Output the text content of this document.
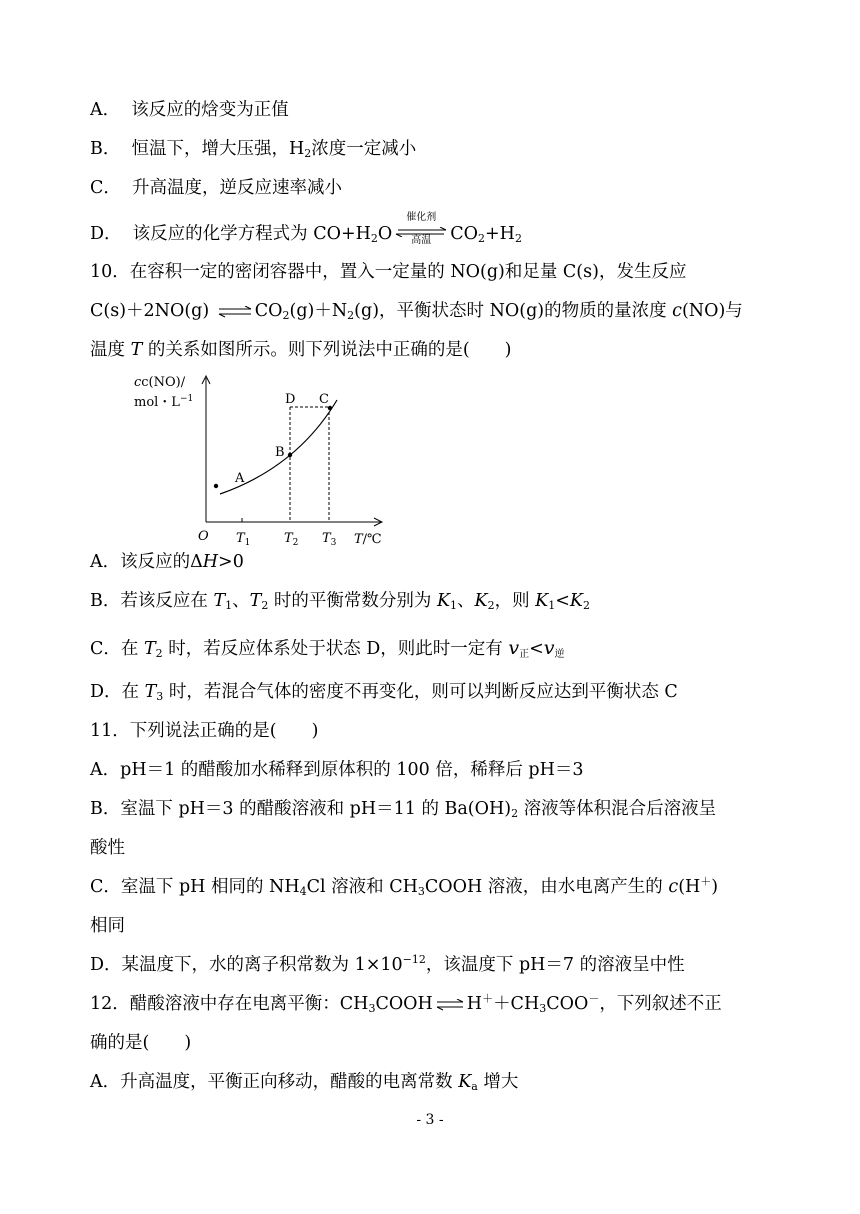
A． 该反应的焓变为正值
B． 恒温下，增大压强，$H_2$浓度一定减小
C． 升高温度，逆反应速率减小
D． 该反应的化学方程式为 $CO+H_2O$
催化剂
高温	$CO_2+H_2$
10．在容积一定的密闭容器中，置入一定量的 NO(g)和足量 C(s)，发生反应
C(s)＋2NO(g) ⇌ $CO_2(g)+N_2(g)$，平衡状态时 NO(g)的物质的量浓度 c(NO)与
温度 T 的关系如图所示。则下列说法中正确的是(　　)
cc(NO)/
mol・$L^{-1}$
O	T/℃
$T_1$	$T_2$ $T_3$
A
B
C
D
A．该反应的ΔH>0
B．若该反应在 $T_1$、$T_2$ 时的平衡常数分别为 $K_1$、$K_2$，则 $K_1<K_2$
C．在 $T_2$ 时，若反应体系处于状态 D，则此时一定有 v正<v逆
D．在 $T_3$ 时，若混合气体的密度不再变化，则可以判断反应达到平衡状态 C
11．下列说法正确的是(　　)
A．pH＝1 的醋酸加水稀释到原体积的 100 倍，稀释后 pH＝3
B．室温下 pH＝3 的醋酸溶液和 pH＝11 的 $Ba(OH)_2$ 溶液等体积混合后溶液呈
酸性
C．室温下 pH 相同的 $NH_4Cl$ 溶液和 $CH_3COOH$ 溶液，由水电离产生的 c(H＋)
相同
D．某温度下，水的离子积常数为 $1\times 10^{-12}$，该温度下 pH＝7 的溶液呈中性
12．醋酸溶液中存在电离平衡：$CH_3COOH$ ⇌ $H^++CH_3COO^-$，下列叙述不正
确的是(　　)
A．升高温度，平衡正向移动，醋酸的电离常数 $K_a$ 增大
- 3 -
